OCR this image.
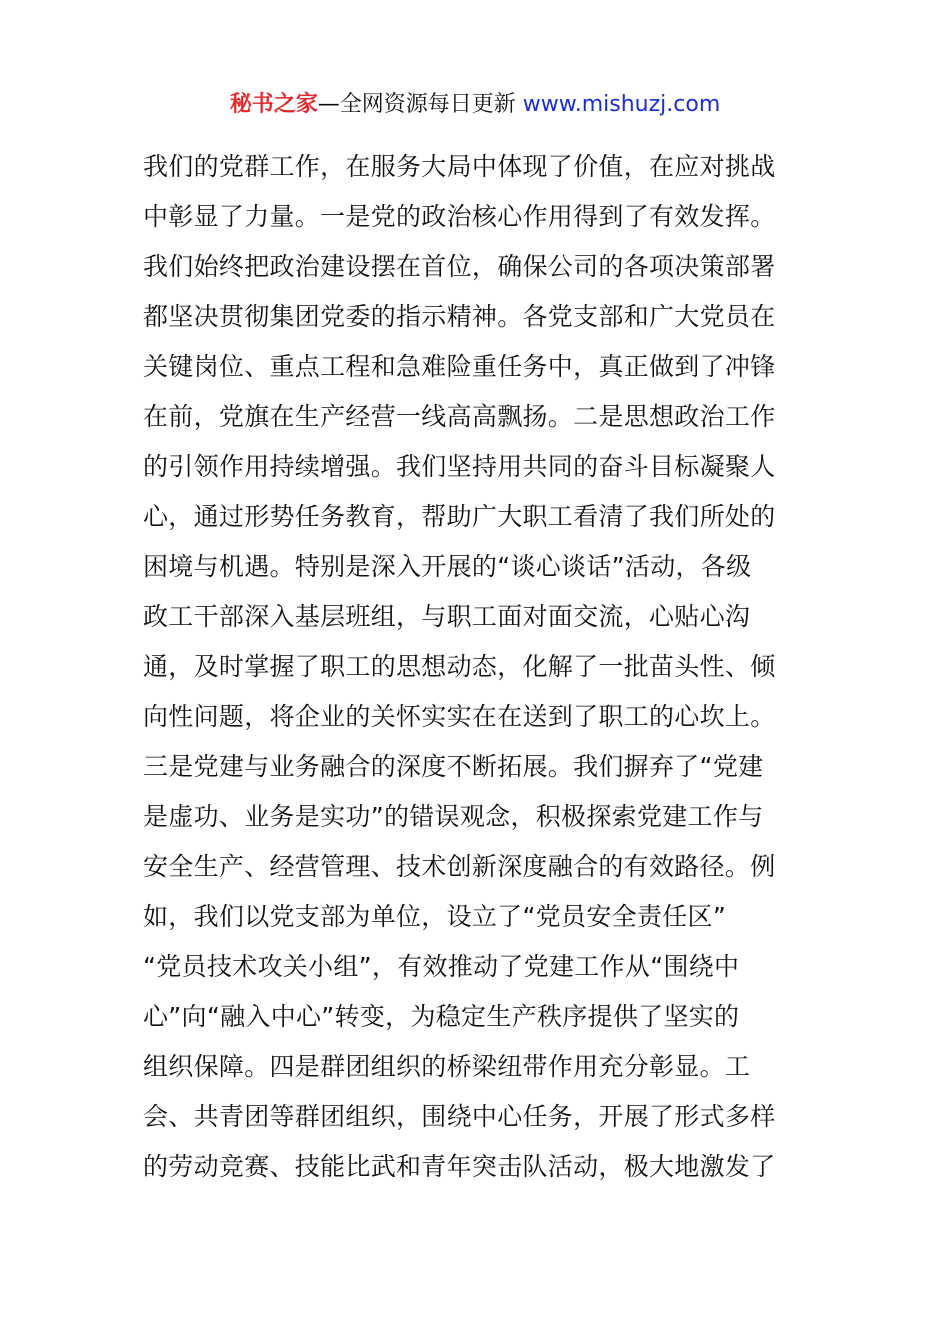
秘书之家—全网资源每日更新 www.mishuzj.com
我们的党群工作，在服务大局中体现了价值，在应对挑战
中彰显了力量。一是党的政治核心作用得到了有效发挥。
我们始终把政治建设摆在首位，确保公司的各项决策部署
都坚决贯彻集团党委的指示精神。各党支部和广大党员在
关键岗位、重点工程和急难险重任务中，真正做到了冲锋
在前，党旗在生产经营一线高高飘扬。二是思想政治工作
的引领作用持续增强。我们坚持用共同的奋斗目标凝聚人
心，通过形势任务教育，帮助广大职工看清了我们所处的
困境与机遇。特别是深入开展的“谈心谈话”活动，各级
政工干部深入基层班组，与职工面对面交流，心贴心沟
通，及时掌握了职工的思想动态，化解了一批苗头性、倾
向性问题，将企业的关怀实实在在送到了职工的心坎上。
三是党建与业务融合的深度不断拓展。我们摒弃了“党建
是虚功、业务是实功”的错误观念，积极探索党建工作与
安全生产、经营管理、技术创新深度融合的有效路径。例
如，我们以党支部为单位，设立了“党员安全责任区”
“党员技术攻关小组”，有效推动了党建工作从“围绕中
心”向“融入中心”转变，为稳定生产秩序提供了坚实的
组织保障。四是群团组织的桥梁纽带作用充分彰显。工
会、共青团等群团组织，围绕中心任务，开展了形式多样
的劳动竞赛、技能比武和青年突击队活动，极大地激发了
